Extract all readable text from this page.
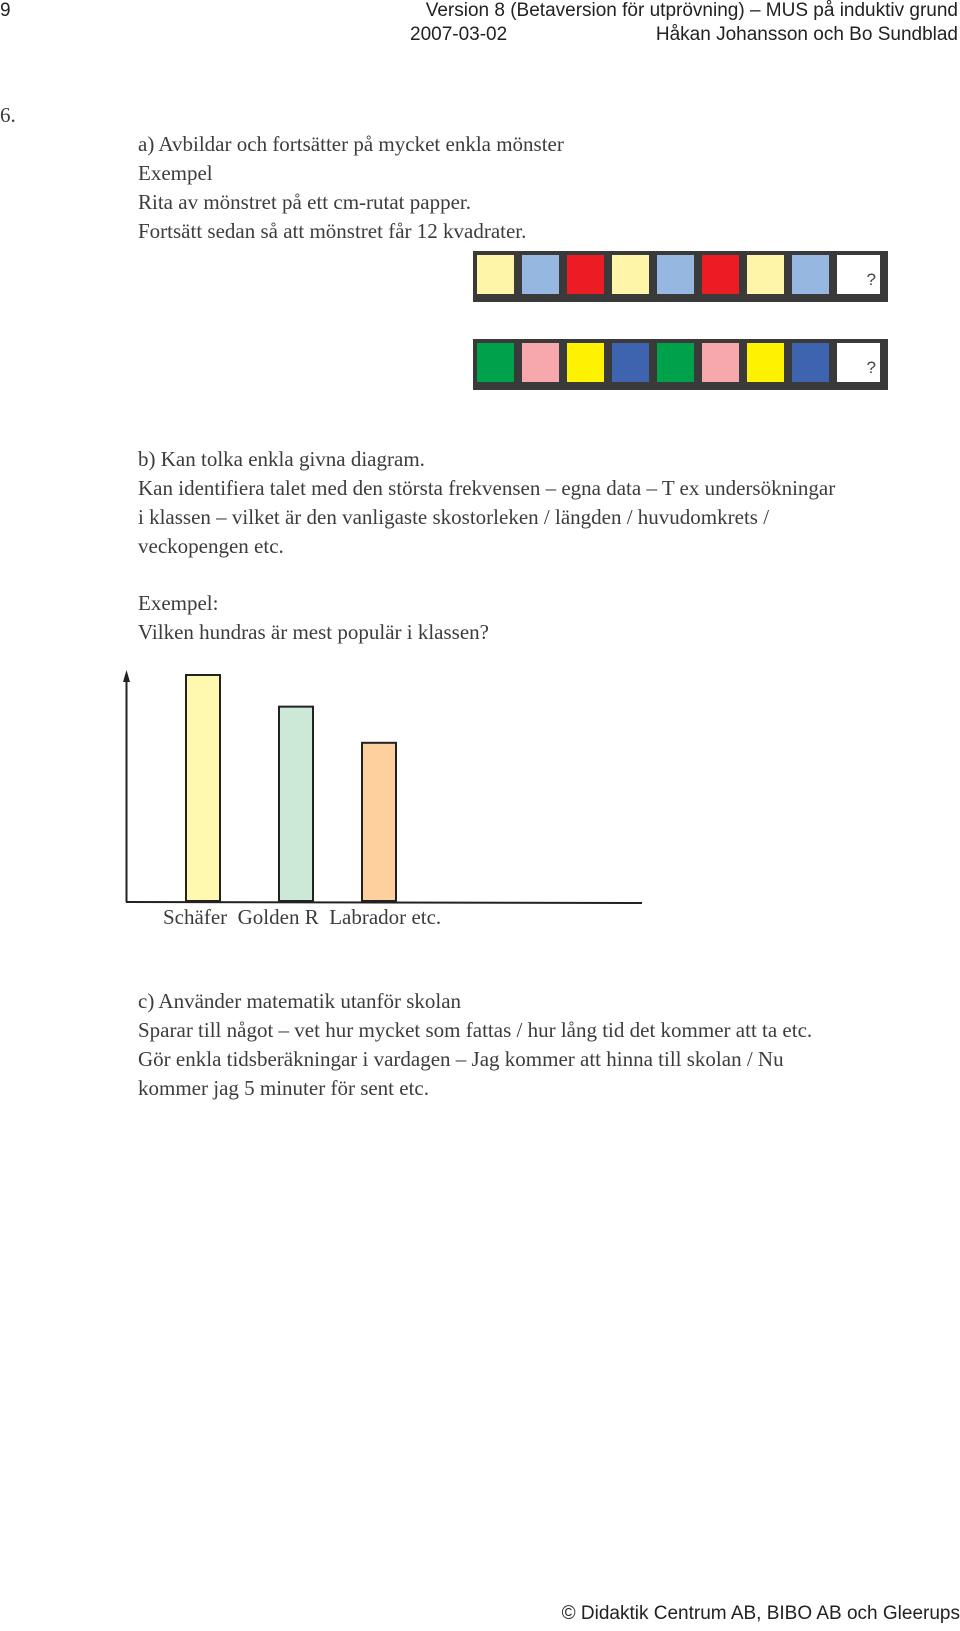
9	Version 8 (Betaversion för utprövning) – MUS på induktiv grund
2007-03-02	Håkan Johansson och Bo Sundblad
6.
a) Avbildar och fortsätter på mycket enkla mönster
Exempel
Rita av mönstret på ett cm-rutat papper.
Fortsätt sedan så att mönstret får 12 kvadrater.
?
?
b) Kan tolka enkla givna diagram.
Kan identifiera talet med den största frekvensen – egna data – T ex undersökningar
i klassen – vilket är den vanligaste skostorleken / längden / huvudomkrets /
veckopengen etc.
Exempel:
Vilken hundras är mest populär i klassen?
Schäfer Golden R Labrador etc.
c) Använder matematik utanför skolan
Sparar till något – vet hur mycket som fattas / hur lång tid det kommer att ta etc.
Gör enkla tidsberäkningar i vardagen – Jag kommer att hinna till skolan / Nu
kommer jag 5 minuter för sent etc.
© Didaktik Centrum AB, BIBO AB och Gleerups
